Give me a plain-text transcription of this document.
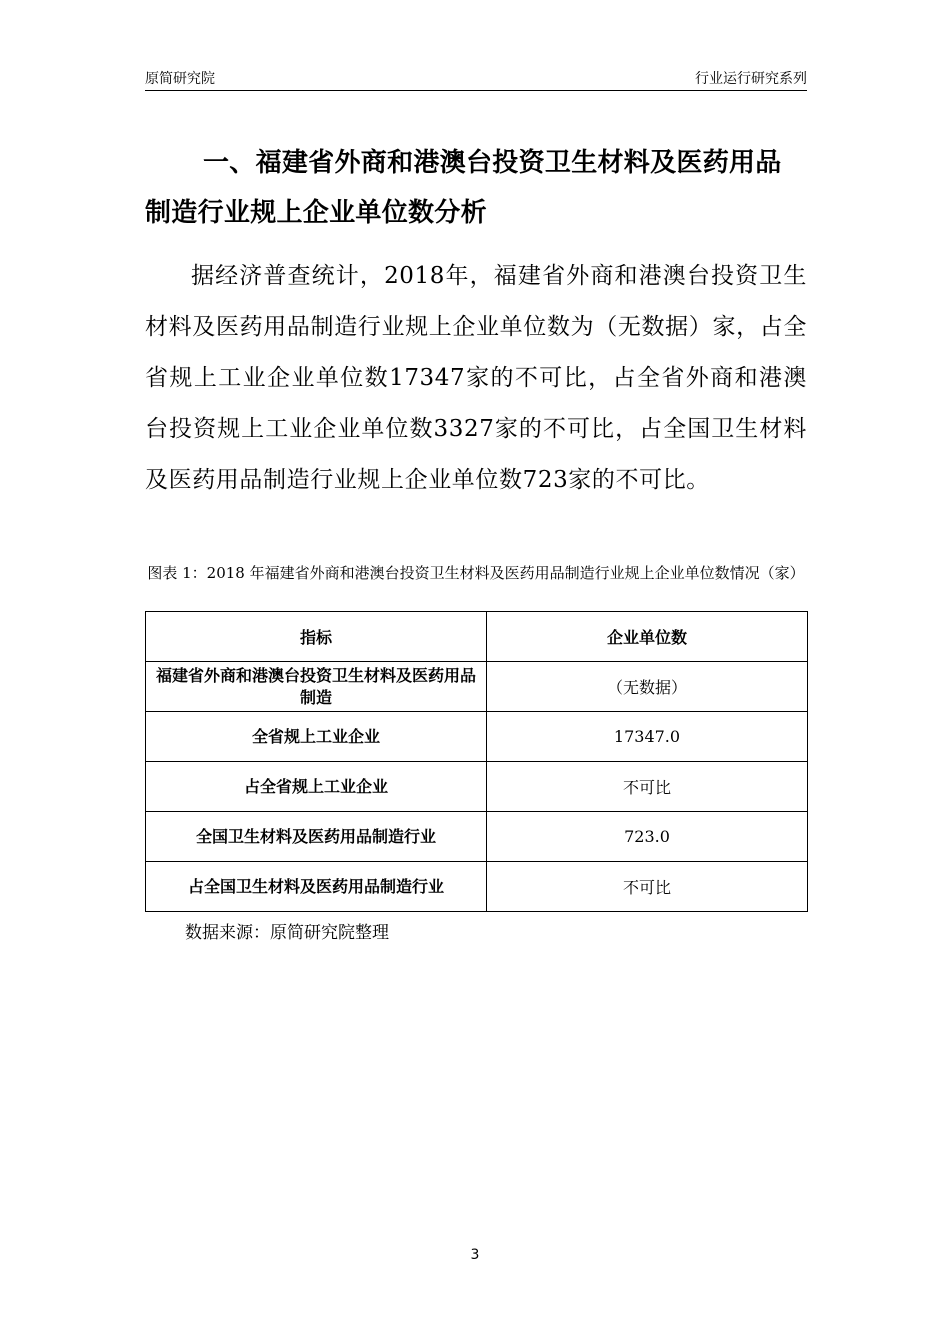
原简研究院	行业运行研究系列
一、福建省外商和港澳台投资卫生材料及医药用品制造行业规上企业单位数分析

据经济普查统计，2018年，福建省外商和港澳台投资卫生材料及医药用品制造行业规上企业单位数为（无数据）家，占全省规上工业企业单位数17347家的不可比，占全省外商和港澳台投资规上工业企业单位数3327家的不可比，占全国卫生材料及医药用品制造行业规上企业单位数723家的不可比。

图表 1：2018 年福建省外商和港澳台投资卫生材料及医药用品制造行业规上企业单位数情况（家）

指标	企业单位数
福建省外商和港澳台投资卫生材料及医药用品制造	（无数据）
全省规上工业企业	17347.0
占全省规上工业企业	不可比
全国卫生材料及医药用品制造行业	723.0
占全国卫生材料及医药用品制造行业	不可比

数据来源：原简研究院整理

3
